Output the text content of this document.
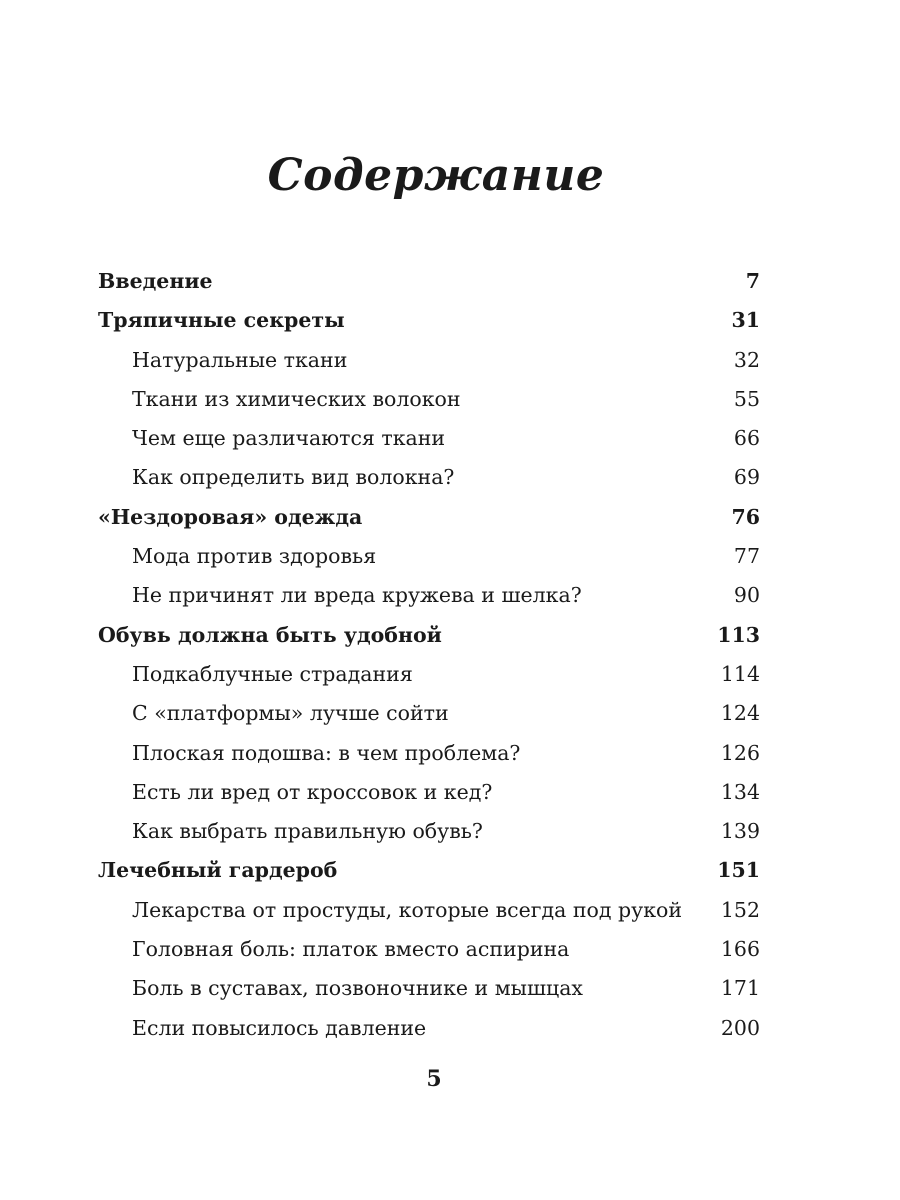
Содержание
Введение	7
Тряпичные секреты	31
Натуральные ткани	32
Ткани из химических волокон	55
Чем еще различаются ткани	66
Как определить вид волокна?	69
«Нездоровая» одежда	76
Мода против здоровья	77
Не причинят ли вреда кружева и шелка?	90
Обувь должна быть удобной	113
Подкаблучные страдания	114
С «платформы» лучше сойти	124
Плоская подошва: в чем проблема?	126
Есть ли вред от кроссовок и кед?	134
Как выбрать правильную обувь?	139
Лечебный гардероб	151
Лекарства от простуды, которые всегда под рукой 152
Головная боль: платок вместо аспирина	166
Боль в суставах, позвоночнике и мышцах	171
Если повысилось давление	200
5
